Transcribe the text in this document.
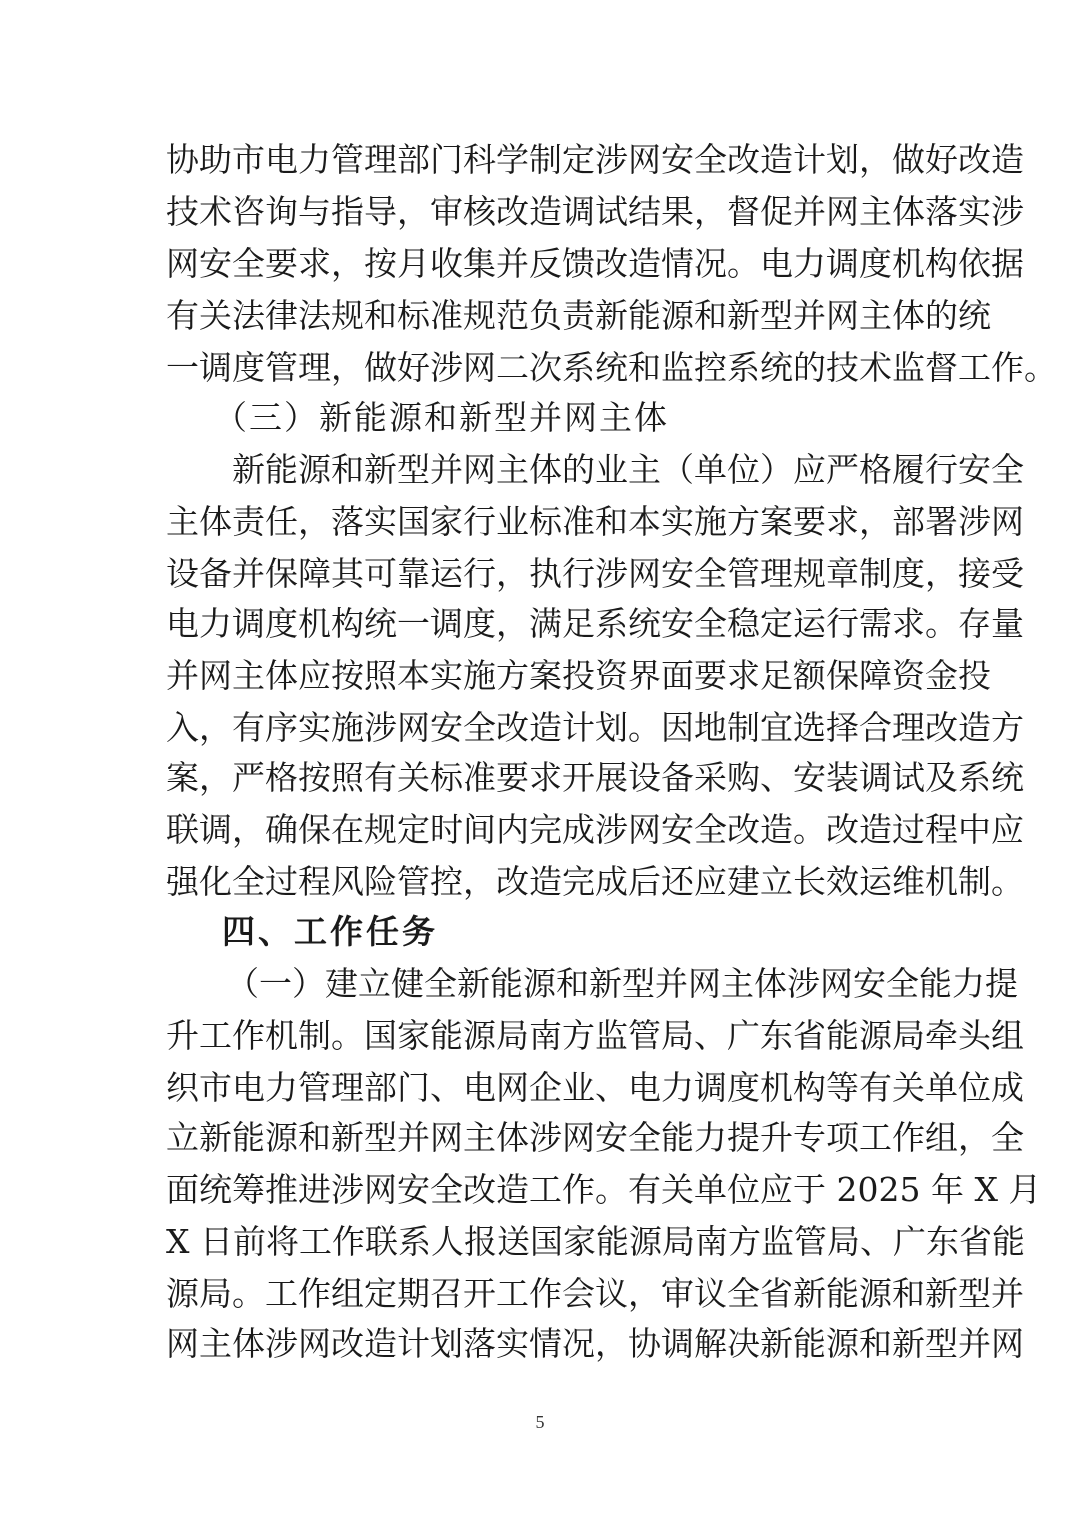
协助市电力管理部门科学制定涉网安全改造计划，做好改造
技术咨询与指导，审核改造调试结果，督促并网主体落实涉
网安全要求，按月收集并反馈改造情况。电力调度机构依据
有关法律法规和标准规范负责新能源和新型并网主体的统
一调度管理，做好涉网二次系统和监控系统的技术监督工作。
（三）新能源和新型并网主体
新能源和新型并网主体的业主（单位）应严格履行安全
主体责任，落实国家行业标准和本实施方案要求，部署涉网
设备并保障其可靠运行，执行涉网安全管理规章制度，接受
电力调度机构统一调度，满足系统安全稳定运行需求。存量
并网主体应按照本实施方案投资界面要求足额保障资金投
入，有序实施涉网安全改造计划。因地制宜选择合理改造方
案，严格按照有关标准要求开展设备采购、安装调试及系统
联调，确保在规定时间内完成涉网安全改造。改造过程中应
强化全过程风险管控，改造完成后还应建立长效运维机制。
四、工作任务
（一）建立健全新能源和新型并网主体涉网安全能力提
升工作机制。国家能源局南方监管局、广东省能源局牵头组
织市电力管理部门、电网企业、电力调度机构等有关单位成
立新能源和新型并网主体涉网安全能力提升专项工作组，全
面统筹推进涉网安全改造工作。有关单位应于 2025 年 X 月
X 日前将工作联系人报送国家能源局南方监管局、广东省能
源局。工作组定期召开工作会议，审议全省新能源和新型并
网主体涉网改造计划落实情况，协调解决新能源和新型并网
5
